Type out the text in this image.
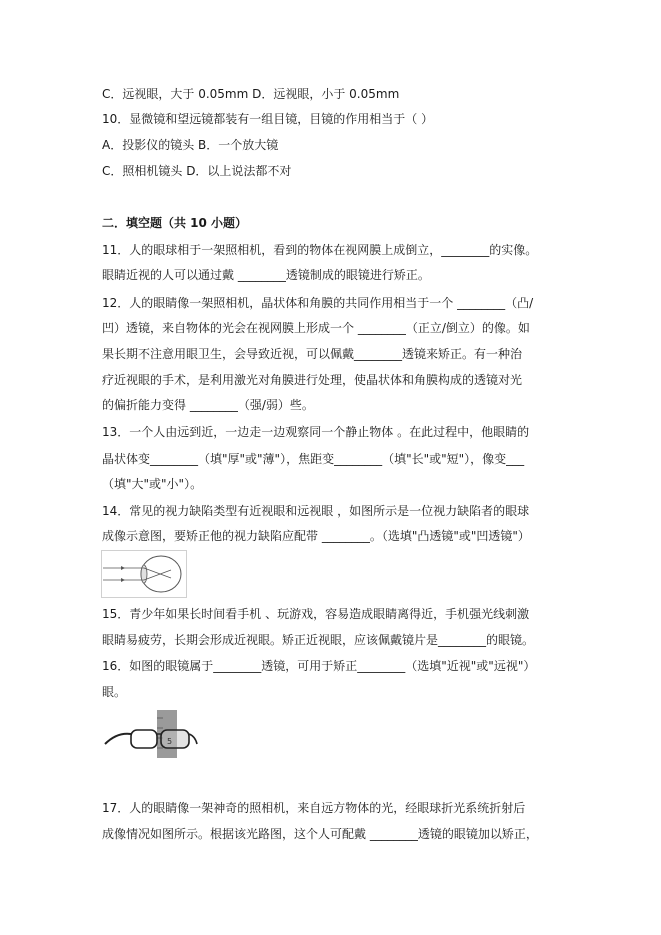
C．远视眼，大于 0.05mm D．远视眼，小于 0.05mm
10．显微镜和望远镜都装有一组目镜，目镜的作用相当于（ ）
A．投影仪的镜头 B．一个放大镜
C．照相机镜头 D．以上说法都不对
二．填空题（共 10 小题）
11．人的眼球相于一架照相机，看到的物体在视网膜上成倒立，________的实像。
眼睛近视的人可以通过戴 ________透镜制成的眼镜进行矫正。
12．人的眼睛像一架照相机，晶状体和角膜的共同作用相当于一个 ________（凸/
凹）透镜，来自物体的光会在视网膜上形成一个 ________（正立/倒立）的像。如
果长期不注意用眼卫生，会导致近视，可以佩戴________透镜来矫正。有一种治
疗近视眼的手术，是利用激光对角膜进行处理，使晶状体和角膜构成的透镜对光
的偏折能力变得 ________（强/弱）些。
13．一个人由远到近，一边走一边观察同一个静止物体 。在此过程中，他眼睛的
晶状体变________（填"厚"或"薄"），焦距变________（填"长"或"短"），像变___
（填"大"或"小"）。
14．常见的视力缺陷类型有近视眼和远视眼 ，如图所示是一位视力缺陷者的眼球
成像示意图，要矫正他的视力缺陷应配带 ________。（选填"凸透镜"或"凹透镜"）
15．青少年如果长时间看手机 、玩游戏，容易造成眼睛离得近，手机强光线刺激
眼睛易疲劳，长期会形成近视眼。矫正近视眼，应该佩戴镜片是________的眼镜。
16．如图的眼镜属于________透镜，可用于矫正________（选填"近视"或"远视"）
眼。
5
17．人的眼睛像一架神奇的照相机，来自远方物体的光，经眼球折光系统折射后
成像情况如图所示。根据该光路图，这个人可配戴 ________透镜的眼镜加以矫正，
